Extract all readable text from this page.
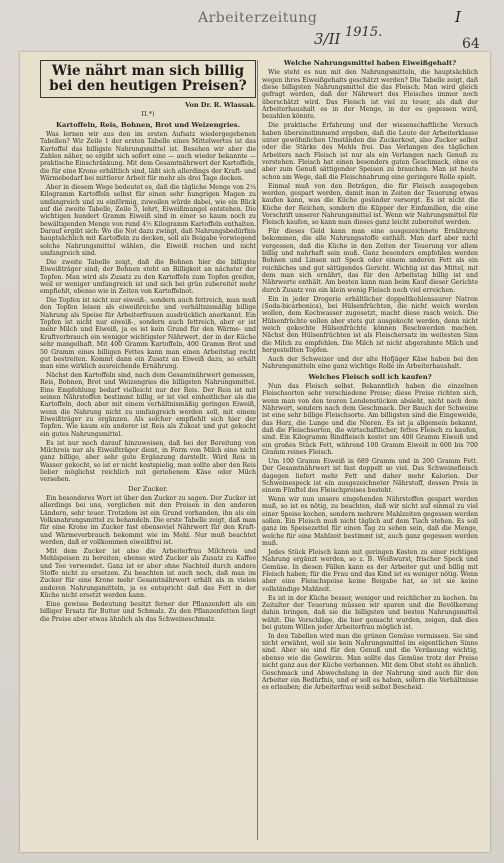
Arbeiterzeitung
3/II 1915.
I
64

Wie nährt man sich billig bei den heutigen Preisen?

Von Dr. R. Wlassak.
II.*)
Kartoffeln, Reis, Bohnen, Brot und Weizengries.

Was lernen wir aus den im ersten Aufsatz wiedergegebenen Tabellen? Wir Zeile 1 der ersten Tabelle eines Mittelwertes ist das Kartoffel das billigste Nahrungsmittel ist. Besehen wir aber die Zahlen näher, so ergibt sich sofort eine — auch wieder bekannte — praktische Einschränkung. Mit dem Gesamtnährwert der Kartoffeln, die für eine Krone erhältlich sind, läßt sich allerdings der Kraft- und Wärmebedarf bei mittlerer Arbeit für mehr als drei Tage decken.

Aber in diesem Wege bedeutet es, daß die tägliche Menge von 2¼ Kilogramm Kartoffeln selbst für einen sehr hungrigen Magen zu umfangreich und zu einförmig, zuweilen würde dabei, wie ein Blick auf die zweite Tabelle, Zeile 5, lehrt, Eiweißmangel entstehen. Die wichtigen hundert Gramm Eiweiß sind in einer so kaum noch zu bewältigenden Menge von rund 4½ Kilogramm Kartoffeln enthalten. Darauf ergibt sich: Wo die Not dazu zwingt, daß Nahrungsbedürfnis hauptsächlich mit Kartoffeln zu decken, soll als Beigabe vorwiegend solche Nahrungsmittel wählen, die Eiweiß reichen und nicht umfangreich sind.

Die zweite Tabelle zeigt, daß die Bohnen hier die billigste Eiweißträger sind; der Bohnen steht an Billigkeit an nächster der Topfen. Man wird als Zusatz zu den Kartoffeln zum Topfen greifen, weil er weniger umfangreich ist und sich bei grün zubereitet mehr empfiehlt, ebenso wie in Zeiten von Kartoffelnot.

Die Topfen ist nicht nur eiweiß-, sondern auch fettreich, man muß den Topfen leisen als eiweißreiche und verhältnismäßig billige Nahrung als Speise für Arbeiterfrauen ausdrücklich anerkannt. Ein Topfen ist nicht nur eiweiß-, sondern auch fettreich, aber er ist mehr Milch und Eiweiß, ja es ist kein Grund für den Wärme- und Kraftverbrauch ein weniger wichtigster Nährwert, der in der Küche sehr mangelhaft. Mit 400 Gramm Kartoffeln, 400 Gramm Brot und 50 Gramm eines billigen Fettes kann man einen Arbeitstag recht gut bestreiten. Kommt dann ein Zusatz an Eiweiß dazu, so erhält man eine wirklich ausreichende Ernährung.

Nächst den Kartoffeln sind, nach dem Gesamtnährwert gemessen, Reis, Bohnen, Brot und Weizengries die billigsten Nahrungsmittel. Eine Empfehlung bedarf vielleicht nur der Reis. Der Reis ist mit seinen Nährstoffen bestimmt billig, er ist viel einheitlicher als die Kartoffeln, doch aber mit einem verhältnismäßig geringen Eiweiß, wenn die Nahrung nicht zu umfangreich werden soll, mit einem Eiweißträger zu ergänzen. Als solcher empfiehlt sich hier der Topfen. Wie kaum ein anderer ist Reis als Zukost und gut gekocht ein gutes Nahrungsmittel.

Es ist nur noch darauf hinzuweisen, daß bei der Bereitung von Milchreis nur als Eiweißträger dient, in Form von Milch eine nicht ganz billige, aber sehr gute Ergänzung darstellt. Wird Reis in Wasser gekocht, so ist er nicht kostspielig, man sollte aber den Reis lieber möglichst reichlich mit geriebenem Käse oder Milch versehen.

Der Zucker.

Ein besonderes Wort ist über den Zucker zu sagen. Der Zucker ist allerdings bei uns, verglichen mit den Preisen in den anderen Ländern, sehr teuer. Trotzdem ist ein Grund vorhanden, ihn als ein Volksnahrungsmittel zu behandeln. Die erste Tabelle zeigt, daß man für eine Krone im Zucker fast ebensoviel Nährwert für den Kraft- und Wärmeverbrauch bekommt wie im Mehl. Nur muß beachtet werden, daß er vollkommen eiweißfrei ist.

Mit dem Zucker ist also die Arbeiterfrau Milchreis und Mehlspeisen zu bereiten; ebenso wird Zucker als Zusatz zu Kaffee und Tee verwendet. Ganz ist er aber ohne Nachteil durch andere Stoffe nicht zu ersetzen. Zu beachten ist auch noch, daß man im Zucker für eine Krone mehr Gesamtnährwert erhält als in vielen anderen Nahrungsmitteln, ja es entspricht daß das Fett in der Küche nicht ersetzt werden kann.

Eine gewisse Bedeutung besitzt ferner der Pflanzenfett als ein billiger Ersatz für Butter und Schmalz. Zu den Pflanzenfetten liegt die Preise aber etwas ähnlich als das Schweineschmalz.

Welche Nahrungsmittel haben Eiweißgehalt?

Wie steht es nun mit den Nahrungsmitteln, die hauptsächlich wegen ihres Eiweißgehalts geschätzt werden? Die Tabelle zeigt, daß diese billigsten Nahrungsmittel die das Fleisch. Man wird gleich gefragt werden, daß der Nährwert des Fleisches immer noch überschätzt wird. Das Fleisch ist viel zu teuer, als daß der Arbeiterhaushalt es in der Menge, in der es gegessen wird, bezahlen könnte.

Die praktische Erfahrung und der wissenschaftliche Versuch haben übereinstimmend ergeben, daß die Leute der Arbeiterklasse unter gewöhnlichen Umständen die Zuckerkost, also Zucker selbst oder die Stärke des Mehls frei. Das Verlangen des täglichen Arbeiters nach Fleisch ist nur als ein Verlangen nach Genuß zu verstehen. Fleisch hat einen besonders guten Geschmack, ohne es aber zum Genuß sättigender Speisen zu brauchen. Man ist heute schon am Wege, daß die Fleischnahrung eine geringere Rolle spielt.

Einmal muß von den Beträgen, die für Fleisch ausgegeben werden, gespart werden, damit man in Zeiten der Teuerung etwas kaufen kann, was die Küche gesünder versorgt. Es ist nicht die Küche der Reichen, sondern die Küpper der Einfamilien, die eine Vorschrift unserer Nahrungsmittel ist. Wenn wir Nahrungsmittel für Fleisch kaufen, so kann man dieses ganz leicht zubereitet werden.

Für dieses Geld kann man eine ausgezeichnete Ernährung bekommen, die alle Nahrungsstoffe enthält. Man darf aber nicht vergessen, daß die Küche in den Zeiten der Teuerung vor allem billig und nahrhaft sein muß. Ganz besonders empfohlen werden Bohnen und Linsen mit Speck oder einem anderen Fett als ein reichliches und gut sättigendes Gericht. Wichtig ist das Mittel, mit dem man sich ernährt, das für den Arbeitstag billig ist und Nährwerte enthält. Am besten kann man beim Kauf dieser Gerichte durch Zusatz von ein klein wenig Fleisch noch viel erreichen.

Ein in jeder Drogerie erhältlicher doppeltkohlensaurer Natron (Soda-bicarbonica), bei Hülsenfrüchten, die nicht weich werden wollen, dem Kochwasser zugesetzt, macht diese rasch weich. Die Hülsenfrüchte sollen aber stets gut ausgekocht werden, denn nicht weich gekochte Hülsenfrüchte können Beschwerden machen. Nächst den Hülsenfrüchten ist als Fleischersatz im weitesten Sinn die Milch zu empfehlen. Die Milch ist nicht abgerahmte Milch und hergestellten Topfen.

Auch der Schweizer und der alte Hofjäger Käse haben bei den Nahrungsmitteln eine ganz wichtige Rolle im Arbeiterhaushalt.

Welches Fleisch soll ich kaufen?

Nun das Fleisch selbst. Bekanntlich haben die einzelnen Fleischsorten sehr verschiedene Preise; diese Preise richten sich, wenn man von den teuren Lendenstücken absieht, nicht nach dem Nährwert, sondern nach dem Geschmack. Der Bauch der Schweine ist eine sehr billige Fleischsorte. Am billigsten sind die Eingeweide, das Herz, die Lunge und die Nieren. Es ist ja allgemein bekannt, daß die Fleischsorten, die wirtschaftlicher, fettes Fleisch zu kaufen, sind. Ein Kilogramm Rindfleisch kostet um 400 Gramm Eiweiß und ein großes Stück Fett, während 100 Gramm Eiweiß in 600 bis 700 Gramm reines Fleisch.

Um 100 Gramm Eiweiß in 689 Gramm und in 200 Gramm Fett. Der Gesamtnährwert ist fast doppelt so viel. Das Schweinefleisch dagegen liefert mehr Fett und daher mehr Kalorien. Der Schweinespeck ist ein ausgezeichneter Nährstoff, dessen Preis in einem Fünftel des Fleischpreises besteht.

Wenn wir nun unsere eingehenden Nährstoffen gespart werden muß, so ist es nötig, zu beachten, daß wir nicht auf einmal zu viel einer Speise kochen, sondern mehrere Mahlzeiten gegessen werden sollen. Ein Fleisch muß nicht täglich auf dem Tisch stehen. Es soll ganz im Speisezettel für einen Tag zu sehen sein, daß die Menge, welche für eine Mahlzeit bestimmt ist, auch ganz gegessen werden muß.

Jedes Stück Fleisch kann mit geringen Kosten zu einer richtigen Nahrung ergänzt werden, so z. B. Weißwurst, frischer Speck und Gemüse. In diesen Fällen kann es der Arbeiter gut und billig mit Fleisch haben; für die Frau und das Kind ist es weniger nötig. Wenn aber eine Fleischspeise keine Beigabe hat, so ist sie keine vollständige Mahlzeit.

Es ist in der Küche besser, weniger und reichlicher zu kochen. Im Zeitalter der Teuerung müssen wir sparen und die Bevölkerung dahin bringen, daß sie die billigsten und besten Nahrungsmittel wählt. Die Vorschläge, die hier gemacht wurden, zeigen, daß dies bei gutem Willen jeder Arbeiterfrau möglich ist.

In den Tabellen wird man die grünen Gemüse vermissen. Sie sind nicht erwähnt, weil sie kein Nahrungsmittel im eigentlichen Sinne sind. Aber sie sind für den Genuß und die Verdauung wichtig, ebenso wie die Gewürze. Man sollte das Gemüse trotz der Preise nicht ganz aus der Küche verbannen. Mit dem Obst steht es ähnlich. Geschmack und Abwechslung in der Nahrung sind auch für den Arbeiter ein Bedürfnis, und er soll es haben, sofern die Verhältnisse es erlauben; die Arbeiterfrau weiß selbst Bescheid.
